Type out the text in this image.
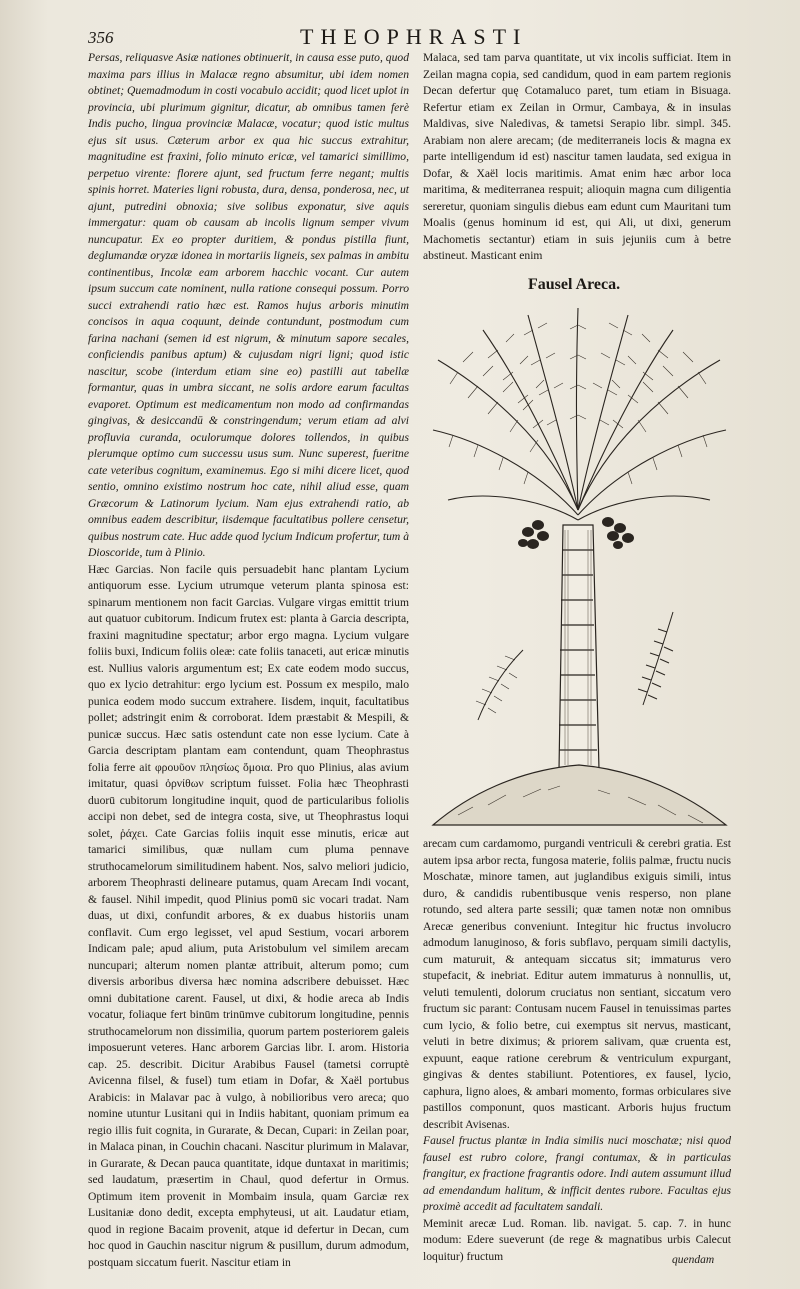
356	THEOPHRASTI

Persas, reliquasve Asiæ nationes obtinuerit, in causa esse puto, quod maxima pars illius in Malacæ regno absumitur, ubi idem nomen obtinet; Quemadmodum in costi vocabulo accidit; quod licet uplot in provincia, ubi plurimum gignitur, dicatur, ab omnibus tamen ferè Indis pucho, lingua provinciæ Malacæ, vocatur; quod istic multus ejus sit usus. Cæterum arbor ex qua hic succus extrahitur, magnitudine est fraxini, folio minuto ericæ, vel tamarici simillimo, perpetuo virente: florere ajunt, sed fructum ferre negant; multis spinis horret. Materies ligni robusta, dura, densa, ponderosa, nec, ut ajunt, putredini obnoxia; sive solibus exponatur, sive aquis immergatur: quam ob causam ab incolis lignum semper vivum nuncupatur. Ex eo propter duritiem, & pondus pistilla fiunt, deglumandæ oryzæ idonea in mortariis ligneis, sex palmas in ambitu continentibus, Incolæ eam arborem hacchic vocant. Cur autem ipsum succum cate nominent, nulla ratione consequi possum. Porro succi extrahendi ratio hæc est. Ramos hujus arboris minutim concisos in aqua coquunt, deinde contundunt, postmodum cum farina nachani (semen id est nigrum, & minutum sapore secales, conficiendis panibus aptum) & cujusdam nigri ligni; quod istic nascitur, scobe (interdum etiam sine eo) pastilli aut tabellæ formantur, quas in umbra siccant, ne solis ardore earum facultas evaporet. Optimum est medicamentum non modo ad confirmandas gingivas, & desiccandū & constringendum; verum etiam ad alvi profluvia curanda, oculorumque dolores tollendos, in quibus plerumque optimo cum successu usus sum. Nunc superest, fueritne cate veteribus cognitum, examinemus. Ego si mihi dicere licet, quod sentio, omnino existimo nostrum hoc cate, nihil aliud esse, quam Græcorum & Latinorum lycium. Nam ejus extrahendi ratio, ab omnibus eadem describitur, iisdemque facultatibus pollere censetur, quibus nostrum cate. Huc adde quod lycium Indicum profertur, tum à Dioscoride, tum à Plinio.

Hæc Garcias. Non facile quis persuadebit hanc plantam Lycium antiquorum esse. Lycium utrumque veterum planta spinosa est: spinarum mentionem non facit Garcias. Vulgare virgas emittit trium aut quatuor cubitorum. Indicum frutex est: planta à Garcia descripta, fraxini magnitudine spectatur; arbor ergo magna. Lycium vulgare foliis buxi, Indicum foliis oleæ: cate foliis tanaceti, aut ericæ minutis est. Nullius valoris argumentum est; Ex cate eodem modo succus, quo ex lycio detrahitur: ergo lycium est. Possum ex mespilo, malo punica eodem modo succum extrahere. Iisdem, inquit, facultatibus pollet; adstringit enim & corroborat. Idem præstabit & Mespili, & punicæ succus. Hæc satis ostendunt cate non esse lycium. Cate à Garcia descriptam plantam eam contendunt, quam Theophrastus folia ferre ait φρουῦον πλησίως ὅμοια. Pro quo Plinius, alas avium imitatur, quasi ὀρνίθων scriptum fuisset. Folia hæc Theophrasti duorū cubitorum longitudine inquit, quod de particularibus foliolis accipi non debet, sed de integra costa, sive, ut Theophrastus loqui solet, ῥάχει. Cate Garcias foliis inquit esse minutis, ericæ aut tamarici similibus, quæ nullam cum pluma pennave struthocamelorum similitudinem habent. Nos, salvo meliori judicio, arborem Theophrasti delineare putamus, quam Arecam Indi vocant, & fausel. Nihil impedit, quod Plinius pomū sic vocari tradat. Nam duas, ut dixi, confundit arbores, & ex duabus historiis unam conflavit. Cum ergo legisset, vel apud Sestium, vocari arborem Indicam pale; apud alium, puta Aristobulum vel similem arecam nuncupari; alterum nomen plantæ attribuit, alterum pomo; cum diversis arboribus diversa hæc nomina adscribere debuisset. Hæc omni dubitatione carent. Fausel, ut dixi, & hodie areca ab Indis vocatur, foliaque fert binūm trinūmve cubitorum longitudine, pennis struthocamelorum non dissimilia, quorum partem posteriorem galeis imposuerunt veteres. Hanc arborem Garcias libr. I. arom. Historia cap. 25. describit. Dicitur Arabibus Fausel (tametsi corruptè Avicenna filsel, & fusel) tum etiam in Dofar, & Xaël portubus Arabicis: in Malavar pac à vulgo, à nobilioribus vero areca; quo nomine utuntur Lusitani qui in Indiis habitant, quoniam primum ea regio illis fuit cognita, in Gurarate, & Decan, Cupari: in Zeilan poar, in Malaca pinan, in Couchin chacani. Nascitur plurimum in Malavar, in Gurarate, & Decan pauca quantitate, idque duntaxat in maritimis; sed laudatum, præsertim in Chaul, quod defertur in Ormus. Optimum item provenit in Mombaim insula, quam Garciæ rex Lusitaniæ dono dedit, excepta emphyteusi, ut ait. Laudatur etiam, quod in regione Bacaim provenit, atque id defertur in Decan, cum hoc quod in Gauchin nascitur nigrum & pusillum, durum admodum, postquam siccatum fuerit. Nascitur etiam in

Malaca, sed tam parva quantitate, ut vix incolis sufficiat. Item in Zeilan magna copia, sed candidum, quod in eam partem regionis Decan defertur quę Cotamaluco paret, tum etiam in Bisuaga. Refertur etiam ex Zeilan in Ormur, Cambaya, & in insulas Maldivas, sive Naledivas, & tametsi Serapio libr. simpl. 345. Arabiam non alere arecam; (de mediterraneis locis & magna ex parte intelligendum id est) nascitur tamen laudata, sed exigua in Dofar, & Xaël locis maritimis. Amat enim hæc arbor loca maritima, & mediterranea respuit; alioquin magna cum diligentia sereretur, quoniam singulis diebus eam edunt cum Mauritani tum Moalis (genus hominum id est, qui Ali, ut dixi, generum Machometis sectantur) etiam in suis jejuniis cum à betre abstineut. Masticant enim

Fausel Areca.

arecam cum cardamomo, purgandi ventriculi & cerebri gratia. Est autem ipsa arbor recta, fungosa materie, foliis palmæ, fructu nucis Moschatæ, minore tamen, aut juglandibus exiguis simili, intus duro, & candidis rubentibusque venis resperso, non plane rotundo, sed altera parte sessili; quæ tamen notæ non omnibus Arecæ generibus conveniunt. Integitur hic fructus involucro admodum lanuginoso, & foris subflavo, perquam simili dactylis, cum maturuit, & antequam siccatus sit; immaturus vero stupefacit, & inebriat. Editur autem immaturus à nonnullis, ut, veluti temulenti, dolorum cruciatus non sentiant, siccatum vero fructum sic parant: Contusam nucem Fausel in tenuissimas partes cum lycio, & folio betre, cui exemptus sit nervus, masticant, veluti in betre diximus; & priorem salivam, quæ cruenta est, expuunt, eaque ratione cerebrum & ventriculum expurgant, gingivas & dentes stabiliunt. Potentiores, ex fausel, lycio, caphura, ligno aloes, & ambari momento, formas orbiculares sive pastillos componunt, quos masticant. Arboris hujus fructum describit Avisenas.

Fausel fructus plantæ in India similis nuci moschatæ; nisi quod fausel est rubro colore, frangi contumax, & in particulas frangitur, ex fractione fragrantis odore. Indi autem assumunt illud ad emendandum halitum, & infficit dentes rubore. Facultas ejus proximè accedit ad facultatem sandali.

Meminit arecæ Lud. Roman. lib. navigat. 5. cap. 7. in hunc modum: Edere sueverunt (de rege & magnatibus urbis Calecut loquitur) fructum	quendam
